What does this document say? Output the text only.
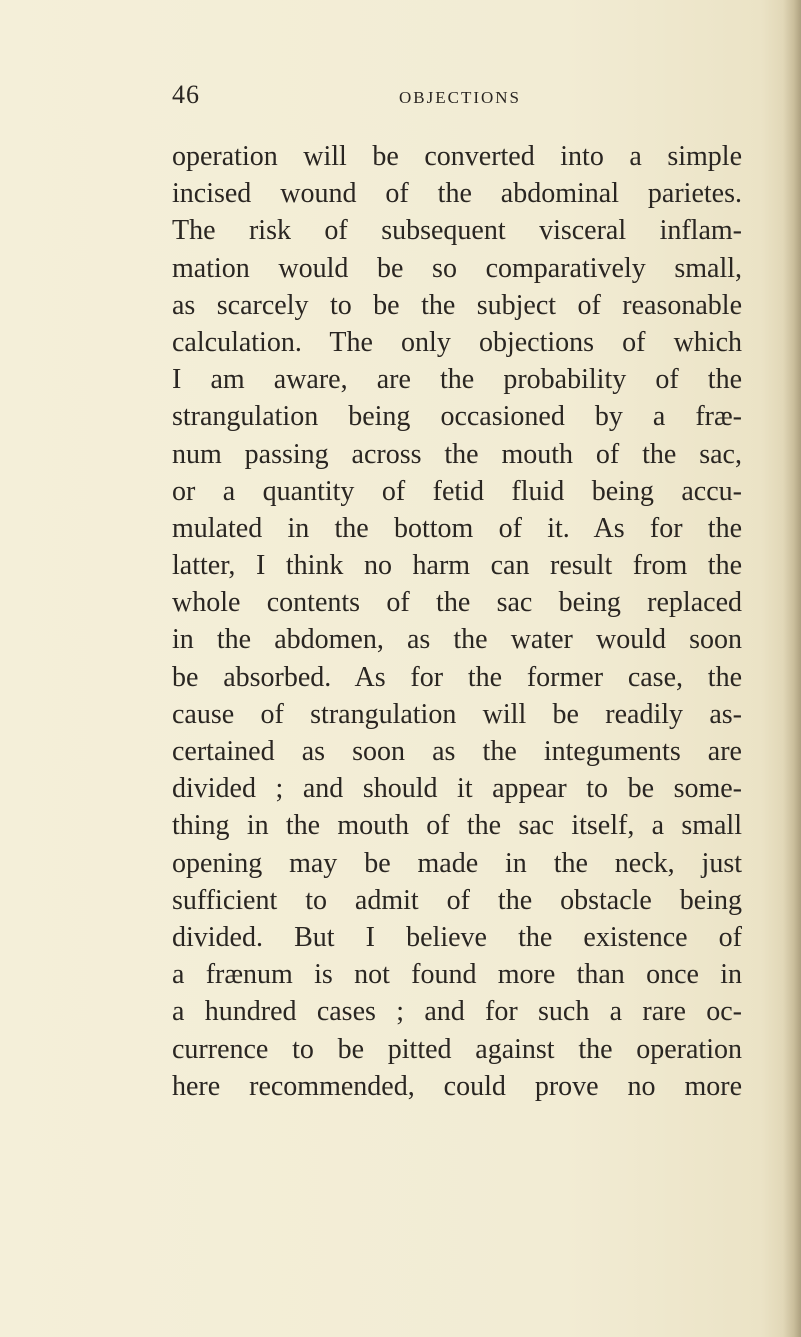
46	OBJECTIONS
operation will be converted into a simple
incised wound of the abdominal parietes.
The risk of subsequent visceral inflam-
mation would be so comparatively small,
as scarcely to be the subject of reasonable
calculation. The only objections of which
I am aware, are the probability of the
strangulation being occasioned by a fræ-
num passing across the mouth of the sac,
or a quantity of fetid fluid being accu-
mulated in the bottom of it. As for the
latter, I think no harm can result from the
whole contents of the sac being replaced
in the abdomen, as the water would soon
be absorbed. As for the former case, the
cause of strangulation will be readily as-
certained as soon as the integuments are
divided ; and should it appear to be some-
thing in the mouth of the sac itself, a small
opening may be made in the neck, just
sufficient to admit of the obstacle being
divided. But I believe the existence of
a frænum is not found more than once in
a hundred cases ; and for such a rare oc-
currence to be pitted against the operation
here recommended, could prove no more
